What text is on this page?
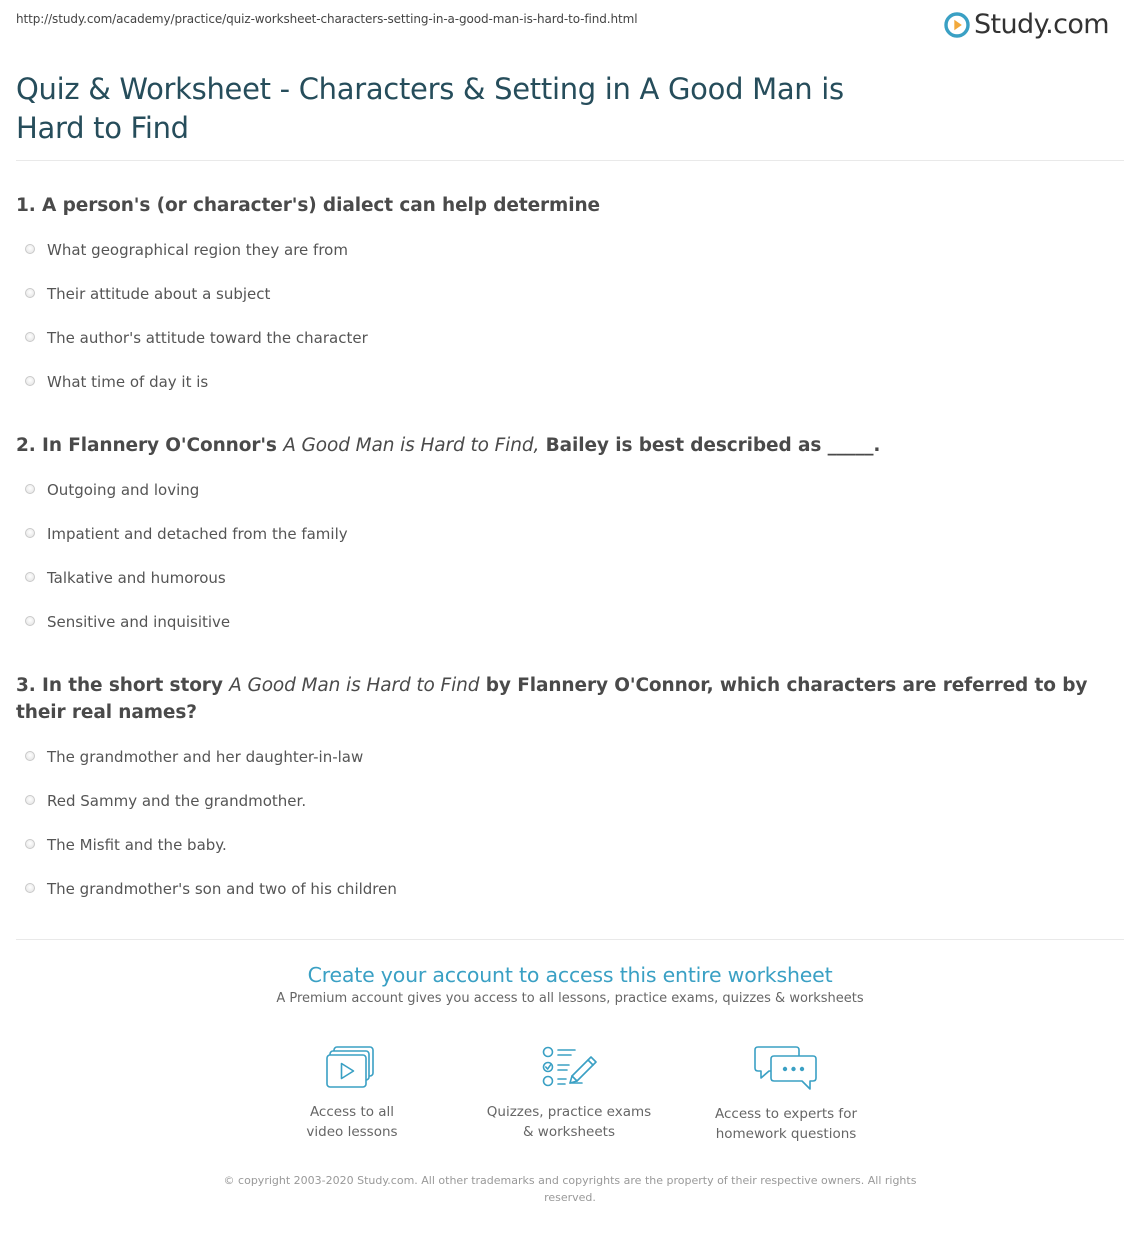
http://study.com/academy/practice/quiz-worksheet-characters-setting-in-a-good-man-is-hard-to-find.html	Study.com
Quiz & Worksheet - Characters & Setting in A Good Man is Hard to Find

1. A person's (or character's) dialect can help determine

What geographical region they are from
Their attitude about a subject
The author's attitude toward the character
What time of day it is

2. In Flannery O'Connor's A Good Man is Hard to Find, Bailey is best described as _____.

Outgoing and loving
Impatient and detached from the family
Talkative and humorous
Sensitive and inquisitive

3. In the short story A Good Man is Hard to Find by Flannery O'Connor, which characters are referred to by their real names?

The grandmother and her daughter-in-law
Red Sammy and the grandmother.
The Misfit and the baby.
The grandmother's son and two of his children

Create your account to access this entire worksheet

A Premium account gives you access to all lessons, practice exams, quizzes & worksheets

Access to all
video lessons
Quizzes, practice exams
& worksheets
Access to experts for
homework questions
© copyright 2003-2020 Study.com. All other trademarks and copyrights are the property of their respective owners. All rights reserved.
